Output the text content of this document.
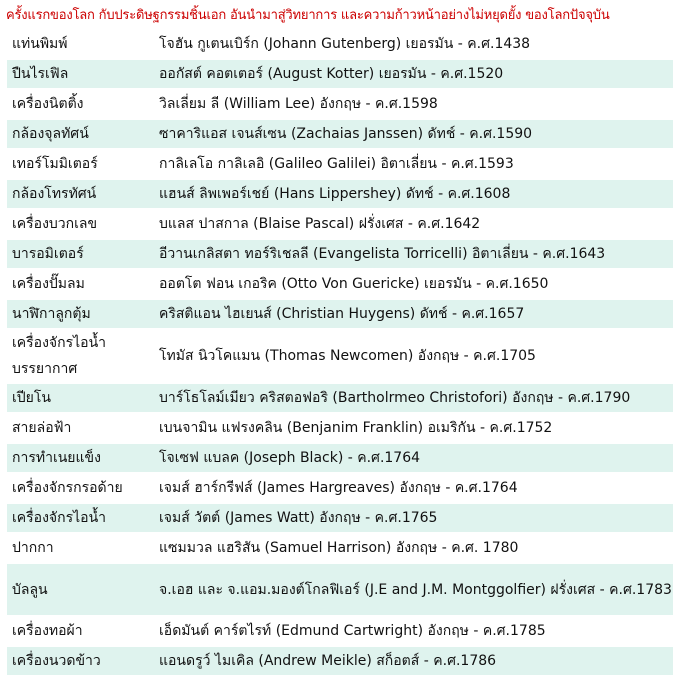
ครั้งแรกของโลก กับประดิษฐกรรมชิ้นเอก อันนำมาสู่วิทยาการ และความก้าวหน้าอย่างไม่หยุดยั้ง ของโลกปัจจุบัน
แท่นพิมพ์	โจฮัน กูเตนเบิร์ก (Johann Gutenberg) เยอรมัน - ค.ศ.1438
ปืนไรเฟิล	ออกัสต์ คอตเตอร์ (August Kotter) เยอรมัน - ค.ศ.1520
เครื่องนิตติ้ง	วิลเลี่ยม ลี (William Lee) อังกฤษ - ค.ศ.1598
กล้องจุลทัศน์	ซาคาริแอส เจนส์เซน (Zachaias Janssen) ดัทช์ - ค.ศ.1590
เทอร์โมมิเตอร์	กาลิเลโอ กาลิเลอิ (Galileo Galilei) อิตาเลี่ยน - ค.ศ.1593
กล้องโทรทัศน์	แฮนส์ ลิพเพอร์เชย์ (Hans Lippershey) ดัทช์ - ค.ศ.1608
เครื่องบวกเลข	บแลส ปาสกาล (Blaise Pascal) ฝรั่งเศส - ค.ศ.1642
บารอมิเตอร์	อีวานเกลิสตา ทอร์ริเชลลี (Evangelista Torricelli) อิตาเลี่ยน - ค.ศ.1643
เครื่องปั๊มลม	ออตโต ฟอน เกอริค (Otto Von Guericke) เยอรมัน - ค.ศ.1650
นาฬิกาลูกตุ้ม	คริสติแอน ไฮเยนส์ (Christian Huygens) ดัทช์ - ค.ศ.1657
เครื่องจักรไอน้ำบรรยากาศ	โทมัส นิวโคแมน (Thomas Newcomen) อังกฤษ - ค.ศ.1705
เปียโน	บาร์โธโลม์เมียว คริสตอฟอริ (Bartholrmeo Christofori) อังกฤษ - ค.ศ.1790
สายล่อฟ้า	เบนจามิน แฟรงคลิน (Benjanim Franklin) อเมริกัน - ค.ศ.1752
การทำเนยแข็ง	โจเซฟ แบลค (Joseph Black) - ค.ศ.1764
เครื่องจักรกรอด้าย	เจมส์ ฮาร์กรีฟส์ (James Hargreaves) อังกฤษ - ค.ศ.1764
เครื่องจักรไอน้ำ	เจมส์ วัตต์ (James Watt) อังกฤษ - ค.ศ.1765
ปากกา	แซมมวล แฮริสัน (Samuel Harrison) อังกฤษ - ค.ศ. 1780
บัลลูน	จ.เอฮ และ จ.แอม.มองต์โกลฟิเอร์ (J.E and J.M. Montggolfier) ฝรั่งเศส - ค.ศ.1783
เครื่องทอผ้า	เอ็ดมันต์ คาร์ตไรท์ (Edmund Cartwright) อังกฤษ - ค.ศ.1785
เครื่องนวดข้าว	แอนดรูว์ ไมเคิล (Andrew Meikle) สก็อตส์ - ค.ศ.1786
